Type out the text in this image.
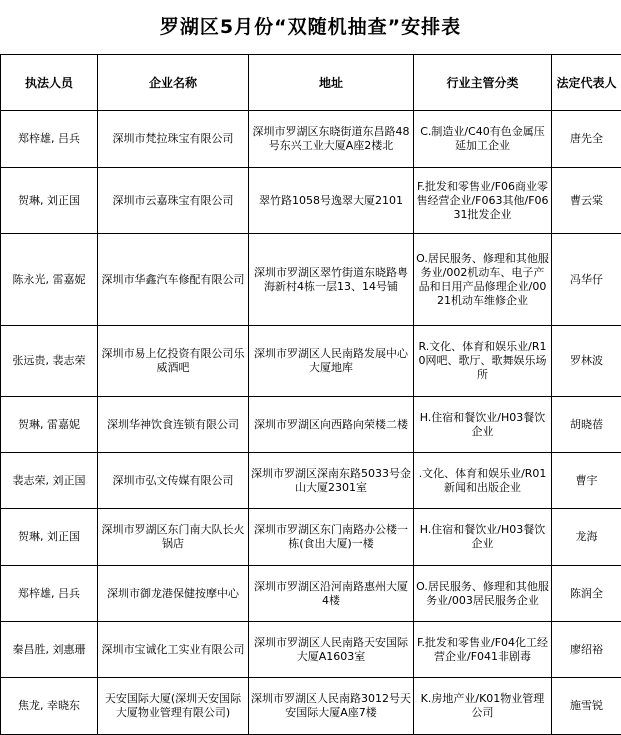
罗湖区5月份“双随机抽查”安排表
执法人员	企业名称	地址	行业主管分类	法定代表人
郑梓雄, 吕兵	深圳市梵拉珠宝有限公司	深圳市罗湖区东晓街道东昌路48号东兴工业大厦A座2楼北	C.制造业/C40有色金属压延加工企业	唐先全
贺琳, 刘正国	深圳市云嘉珠宝有限公司	翠竹路1058号逸翠大厦2101	F.批发和零售业/F06商业零售经营企业/F063其他/F0631批发企业	曹云棠
陈永光, 雷嘉妮	深圳市华鑫汽车修配有限公司	深圳市罗湖区翠竹街道东晓路粤海新村4栋一层13、14号铺	O.居民服务、修理和其他服务业/002机动车、电子产品和日用产品修理企业/0021机动车维修企业	冯华仔
张远贵, 裴志荣	深圳市易上亿投资有限公司乐威酒吧	深圳市罗湖区人民南路发展中心大厦地库	R.文化、体育和娱乐业/R10网吧、歌厅、歌舞娱乐场所	罗林波
贺琳, 雷嘉妮	深圳华神饮食连锁有限公司	深圳市罗湖区向西路向荣楼二楼	H.住宿和餐饮业/H03餐饮企业	胡晓蓓
裴志荣, 刘正国	深圳市弘文传媒有限公司	深圳市罗湖区深南东路5033号金山大厦2301室	.文化、体育和娱乐业/R01新闻和出版企业	曹宇
贺琳, 刘正国	深圳市罗湖区东门南大队长火锅店	深圳市罗湖区东门南路办公楼一栋(食出大厦)一楼	H.住宿和餐饮业/H03餐饮企业	龙海
郑梓雄, 吕兵	深圳市御龙港保健按摩中心	深圳市罗湖区沿河南路惠州大厦4楼	O.居民服务、修理和其他服务业/003居民服务企业	陈润全
秦昌胜, 刘惠珊	深圳市宝诚化工实业有限公司	深圳市罗湖区人民南路天安国际大厦A1603室	F.批发和零售业/F04化工经营企业/F041非剧毒	廖绍裕
焦龙, 幸晓东	天安国际大厦(深圳天安国际大厦物业管理有限公司)	深圳市罗湖区人民南路3012号天安国际大厦A座7楼	K.房地产业/K01物业管理公司	施雪锐
